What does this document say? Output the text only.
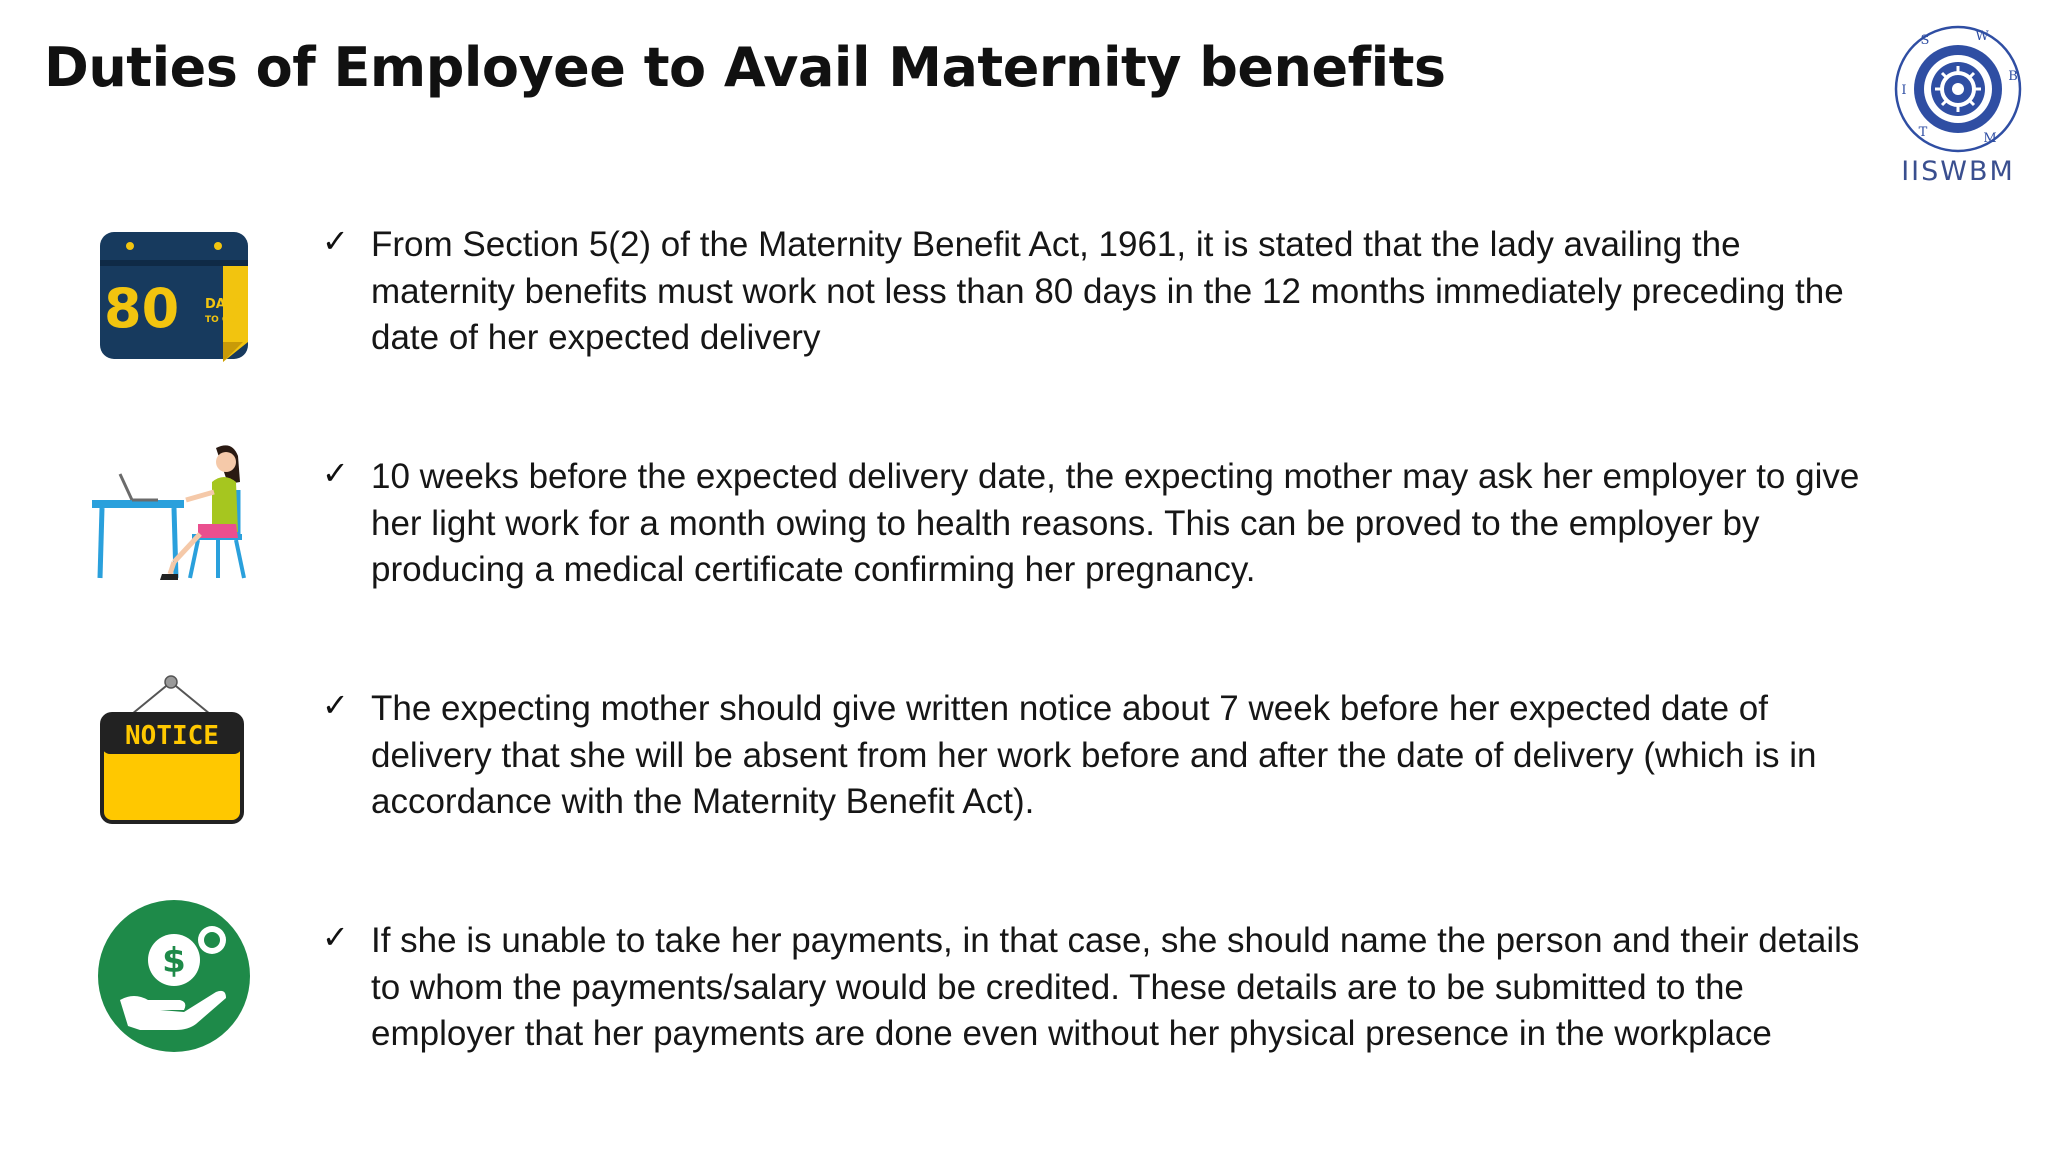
Duties of Employee to Avail Maternity benefits	I
S	W
B
M
T
IISWBM
80 DAYS
TO GO
✓ From Section 5(2) of the Maternity Benefit Act, 1961, it is stated that the lady availing the maternity benefits must work not less than 80 days in the 12 months immediately preceding the date of her expected delivery

✓ 10 weeks before the expected delivery date, the expecting mother may ask her employer to give her light work for a month owing to health reasons. This can be proved to the employer by producing a medical certificate confirming her pregnancy.

NOTICE
✓ The expecting mother should give written notice about 7 week before her expected date of delivery that she will be absent from her work before and after the date of delivery (which is in accordance with the Maternity Benefit Act).

$
✓ If she is unable to take her payments, in that case, she should name the person and their details to whom the payments/salary would be credited. These details are to be submitted to the employer that her payments are done even without her physical presence in the workplace
